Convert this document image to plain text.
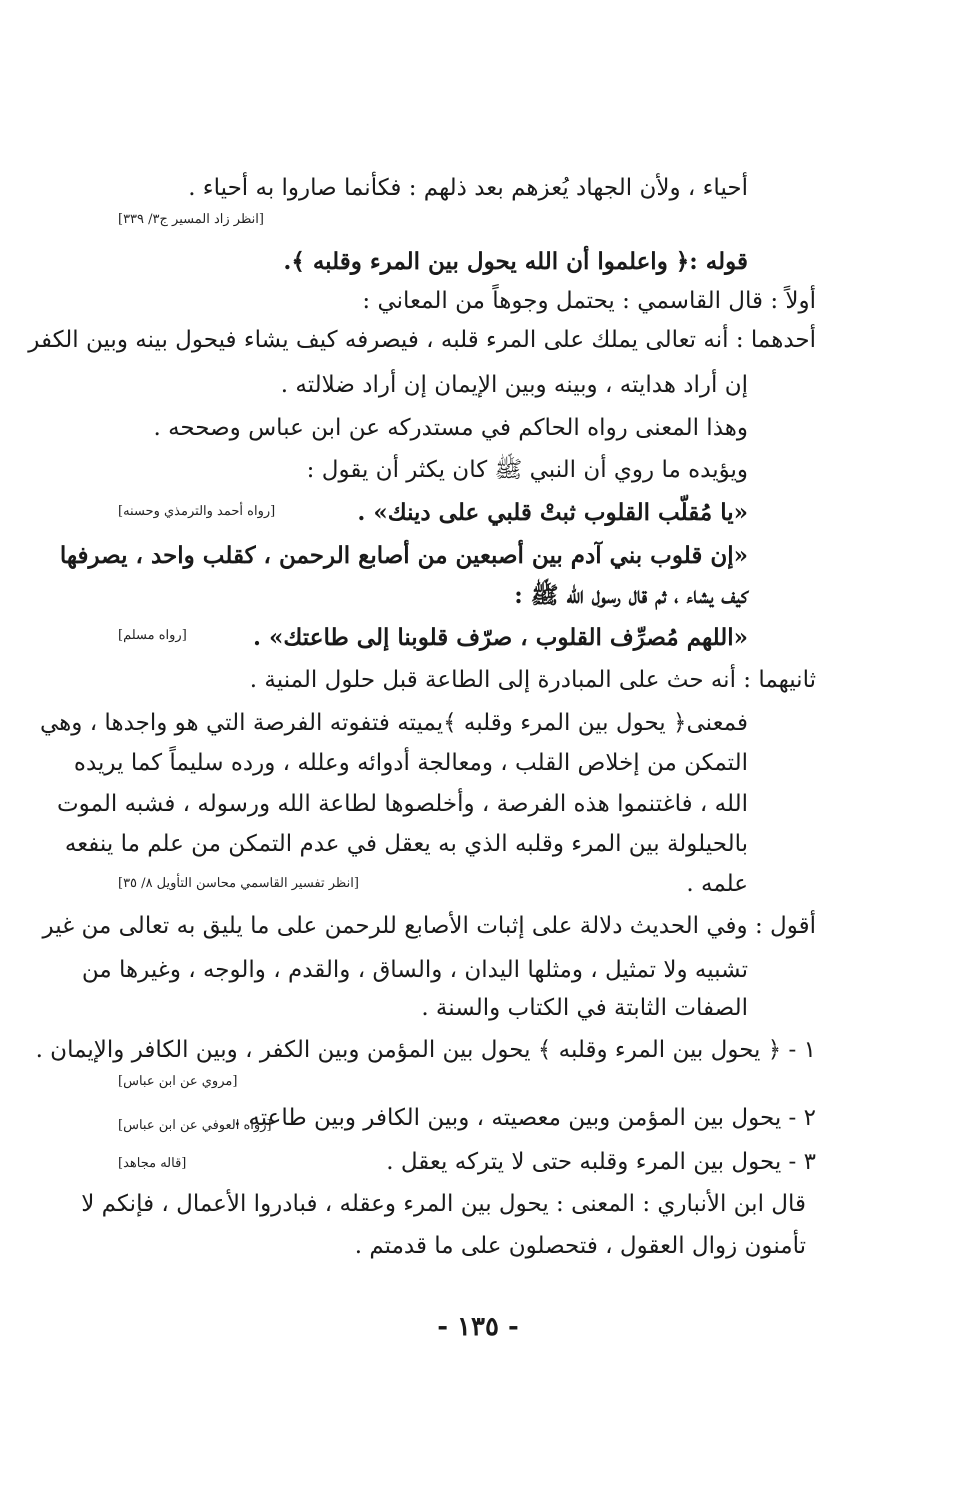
أحياء ، ولأن الجهاد يُعزهم بعد ذلهم : فكأنما صاروا به أحياء .
[انظر زاد المسير ج٣/ ٣٣٩]
قوله :﴿ واعلموا أن الله يحول بين المرء وقلبه ﴾.
أولاً : قال القاسمي : يحتمل وجوهاً من المعاني :
أحدهما : أنه تعالى يملك على المرء قلبه ، فيصرفه كيف يشاء فيحول بينه وبين الكفر
إن أراد هدايته ، وبينه وبين الإيمان إن أراد ضلالته .
وهذا المعنى رواه الحاكم في مستدركه عن ابن عباس وصححه .
ويؤيده ما روي أن النبي ﷺ كان يكثر أن يقول :
«يا مُقلّب القلوب ثبتْ قلبي على دينك» .
[رواه أحمد والترمذي وحسنه]
«إن قلوب بني آدم بين أصبعين من أصابع الرحمن ، كقلب واحد ، يصرفها
كيف يشاء ، ثم قال رسول الله ﷺ :
«اللهم مُصرِّف القلوب ، صرّف قلوبنا إلى طاعتك» .
[رواه مسلم]
ثانيهما : أنه حث على المبادرة إلى الطاعة قبل حلول المنية .
فمعنى﴿ يحول بين المرء وقلبه ﴾يميته فتفوته الفرصة التي هو واجدها ، وهي
التمكن من إخلاص القلب ، ومعالجة أدوائه وعلله ، ورده سليماً كما يريده
الله ، فاغتنموا هذه الفرصة ، وأخلصوها لطاعة الله ورسوله ، فشبه الموت
بالحيلولة بين المرء وقلبه الذي به يعقل في عدم التمكن من علم ما ينفعه
علمه .
[انظر تفسير القاسمي محاسن التأويل ٨/ ٣٥]
أقول : وفي الحديث دلالة على إثبات الأصابع للرحمن على ما يليق به تعالى من غير
تشبيه ولا تمثيل ، ومثلها اليدان ، والساق ، والقدم ، والوجه ، وغيرها من
الصفات الثابتة في الكتاب والسنة .
١ - ﴿ يحول بين المرء وقلبه ﴾ يحول بين المؤمن وبين الكفر ، وبين الكافر والإيمان .
[مروي عن ابن عباس]
٢ - يحول بين المؤمن وبين معصيته ، وبين الكافر وبين طاعته .
[رواه العوفي عن ابن عباس]
٣ - يحول بين المرء وقلبه حتى لا يتركه يعقل .
[قاله مجاهد]
قال ابن الأنباري : المعنى : يحول بين المرء وعقله ، فبادروا الأعمال ، فإنكم لا
تأمنون زوال العقول ، فتحصلون على ما قدمتم .
- ١٣٥ -
